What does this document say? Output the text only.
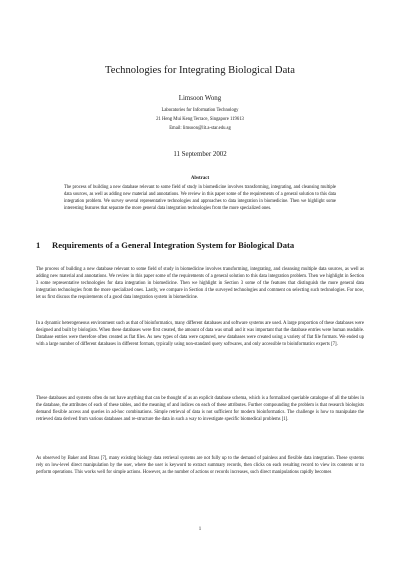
Technologies for Integrating Biological Data
Limsoon Wong
Laboratories for Information Technology
21 Heng Mui Keng Terrace, Singapore 119613
Email: limsoon@lit.a-star.edu.sg
11 September 2002
Abstract

The process of building a new database relevant to some field of study in biomedicine involves transforming, integrating, and cleansing multiple data sources, as well as adding new material and annotations. We review in this paper some of the requirements of a general solution to this data integration problem. We survey several representative technologies and approaches to data integration in biomedicine. Then we highlight some interesting features that separate the more general data integration technologies from the more specialized ones.

1 Requirements of a General Integration System for Biological Data

The process of building a new database relevant to some field of study in biomedicine involves transforming, integrating, and cleansing multiple data sources, as well as adding new material and annotations. We review in this paper some of the requirements of a general solution to this data integration problem. Then we highlight in Section 3 some representative technologies for data integration in biomedicine. Then we highlight in Section 3 some of the features that distinguish the more general data integration technologies from the more specialized ones. Lastly, we compare in Section 4 the surveyed technologies and comment on selecting such technologies. For now, let us first discuss the requirements of a good data integration system in biomedicine.

In a dynamic heterogeneous environment such as that of bioinformatics, many different databases and software systems are used. A large proportion of these databases were designed and built by biologists. When these databases were first created, the amount of data was small and it was important that the database entries were human readable. Database entries were therefore often created as flat files. As new types of data were captured, new databases were created using a variety of flat file formats. We ended up with a large number of different databases in different formats, typically using non-standard query softwares, and only accessible to bioinformatics experts [7].

These databases and systems often do not have anything that can be thought of as an explicit database schema, which is a formalized queriable catalogue of all the tables in the database, the attributes of each of these tables, and the meaning of and indices on each of these attributes. Further compounding the problem is that research biologists demand flexible access and queries in ad-hoc combinations. Simple retrieval of data is not sufficient for modern bioinformatics. The challenge is how to manipulate the retrieved data derived from various databases and re-structure the data in such a way to investigate specific biomedical problems [1].

As observed by Baker and Brass [7], many existing biology data retrieval systems are not fully up to the demand of painless and flexible data integration. These systems rely on low-level direct manipulation by the user, where the user is keyword to extract summary records, then clicks on each resulting record to view its contents or to perform operations. This works well for simple actions. However, as the number of actions or records increases, such direct manipulations rapidly becomes

1
